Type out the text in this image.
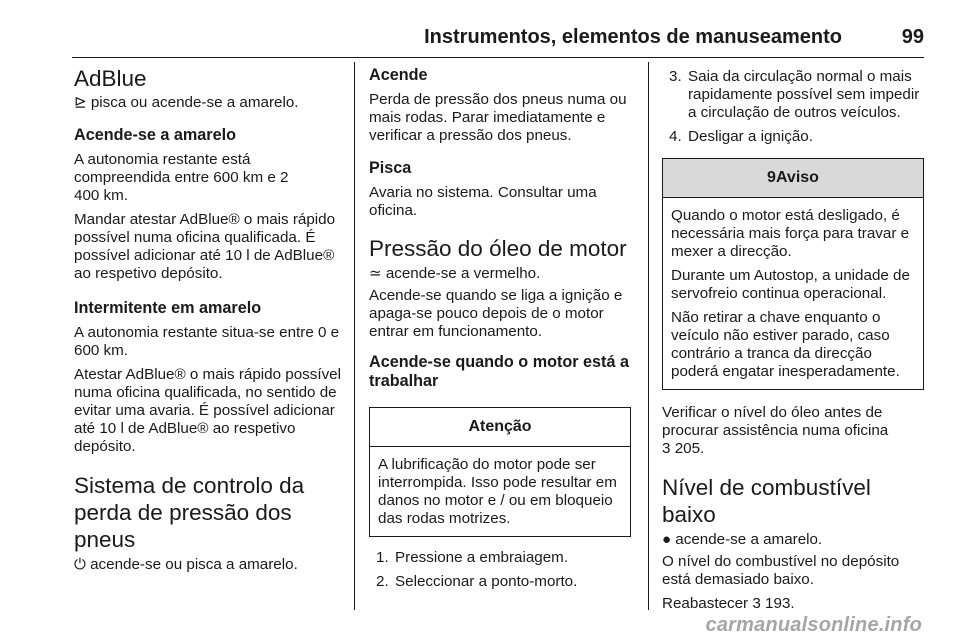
Instrumentos, elementos de manuseamento	99
AdBlue

⊵ pisca ou acende-se a amarelo.

Acende-se a amarelo

A autonomia restante está compreendida entre 600 km e 2 400 km.

Mandar atestar AdBlue® o mais rápido possível numa oficina qualificada. É possível adicionar até 10 l de AdBlue® ao respetivo depósito.

Intermitente em amarelo

A autonomia restante situa-se entre 0 e 600 km.

Atestar AdBlue® o mais rápido possível numa oficina qualificada, no sentido de evitar uma avaria. É possível adicionar até 10 l de AdBlue® ao respetivo depósito.

Sistema de controlo da perda de pressão dos pneus

⏻ acende-se ou pisca a amarelo.

Acende

Perda de pressão dos pneus numa ou mais rodas. Parar imediatamente e verificar a pressão dos pneus.

Pisca

Avaria no sistema. Consultar uma oficina.

Pressão do óleo de motor

≃ acende-se a vermelho.

Acende-se quando se liga a ignição e apaga-se pouco depois de o motor entrar em funcionamento.

Acende-se quando o motor está a trabalhar
Atenção
A lubrificação do motor pode ser interrompida. Isso pode resultar em danos no motor e / ou em bloqueio das rodas motrizes.
1. Pressione a embraiagem.
2. Seleccionar a ponto-morto.
3. Saia da circulação normal o mais rapidamente possível sem impedir a circulação de outros veículos.
4. Desligar a ignição.
9Aviso

Quando o motor está desligado, é necessária mais força para travar e mexer a direcção.

Durante um Autostop, a unidade de servofreio continua operacional.

Não retirar a chave enquanto o veículo não estiver parado, caso contrário a tranca da direcção poderá engatar inesperadamente.

Verificar o nível do óleo antes de procurar assistência numa oficina
3 205.

Nível de combustível baixo

● acende-se a amarelo.

O nível do combustível no depósito está demasiado baixo.

Reabastecer 3 193.

carmanualsonline.info
